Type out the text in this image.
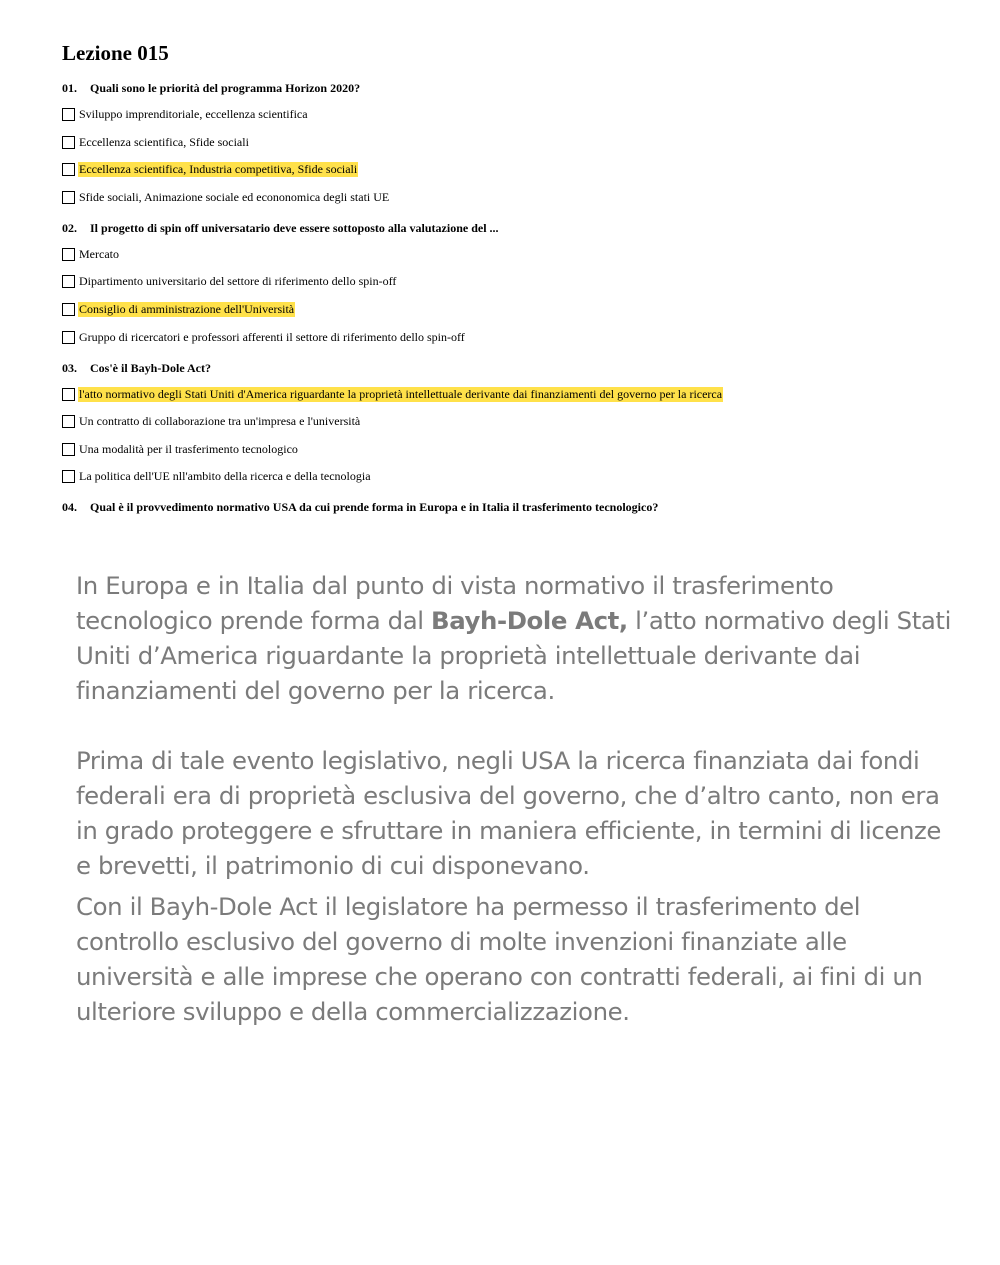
Lezione 015
01. Quali sono le priorità del programma Horizon 2020?
Sviluppo imprenditoriale, eccellenza scientifica
Eccellenza scientifica, Sfide sociali
Eccellenza scientifica, Industria competitiva, Sfide sociali
Sfide sociali, Animazione sociale ed econonomica degli stati UE
02. Il progetto di spin off universatario deve essere sottoposto alla valutazione del ...
Mercato
Dipartimento universitario del settore di riferimento dello spin-off
Consiglio di amministrazione dell'Università
Gruppo di ricercatori e professori afferenti il settore di riferimento dello spin-off
03. Cos'è il Bayh-Dole Act?
l'atto normativo degli Stati Uniti d'America riguardante la proprietà intellettuale derivante dai finanziamenti del governo per la ricerca
Un contratto di collaborazione tra un'impresa e l'università
Una modalità per il trasferimento tecnologico
La politica dell'UE nll'ambito della ricerca e della tecnologia
04. Qual è il provvedimento normativo USA da cui prende forma in Europa e in Italia il trasferimento tecnologico?

In Europa e in Italia dal punto di vista normativo il trasferimento tecnologico prende forma dal Bayh-Dole Act, l’atto normativo degli Stati Uniti d’America riguardante la proprietà intellettuale derivante dai finanziamenti del governo per la ricerca.

Prima di tale evento legislativo, negli USA la ricerca finanziata dai fondi federali era di proprietà esclusiva del governo, che d’altro canto, non era in grado proteggere e sfruttare in maniera efficiente, in termini di licenze e brevetti, il patrimonio di cui disponevano.

Con il Bayh-Dole Act il legislatore ha permesso il trasferimento del controllo esclusivo del governo di molte invenzioni finanziate alle università e alle imprese che operano con contratti federali, ai fini di un ulteriore sviluppo e della commercializzazione.
